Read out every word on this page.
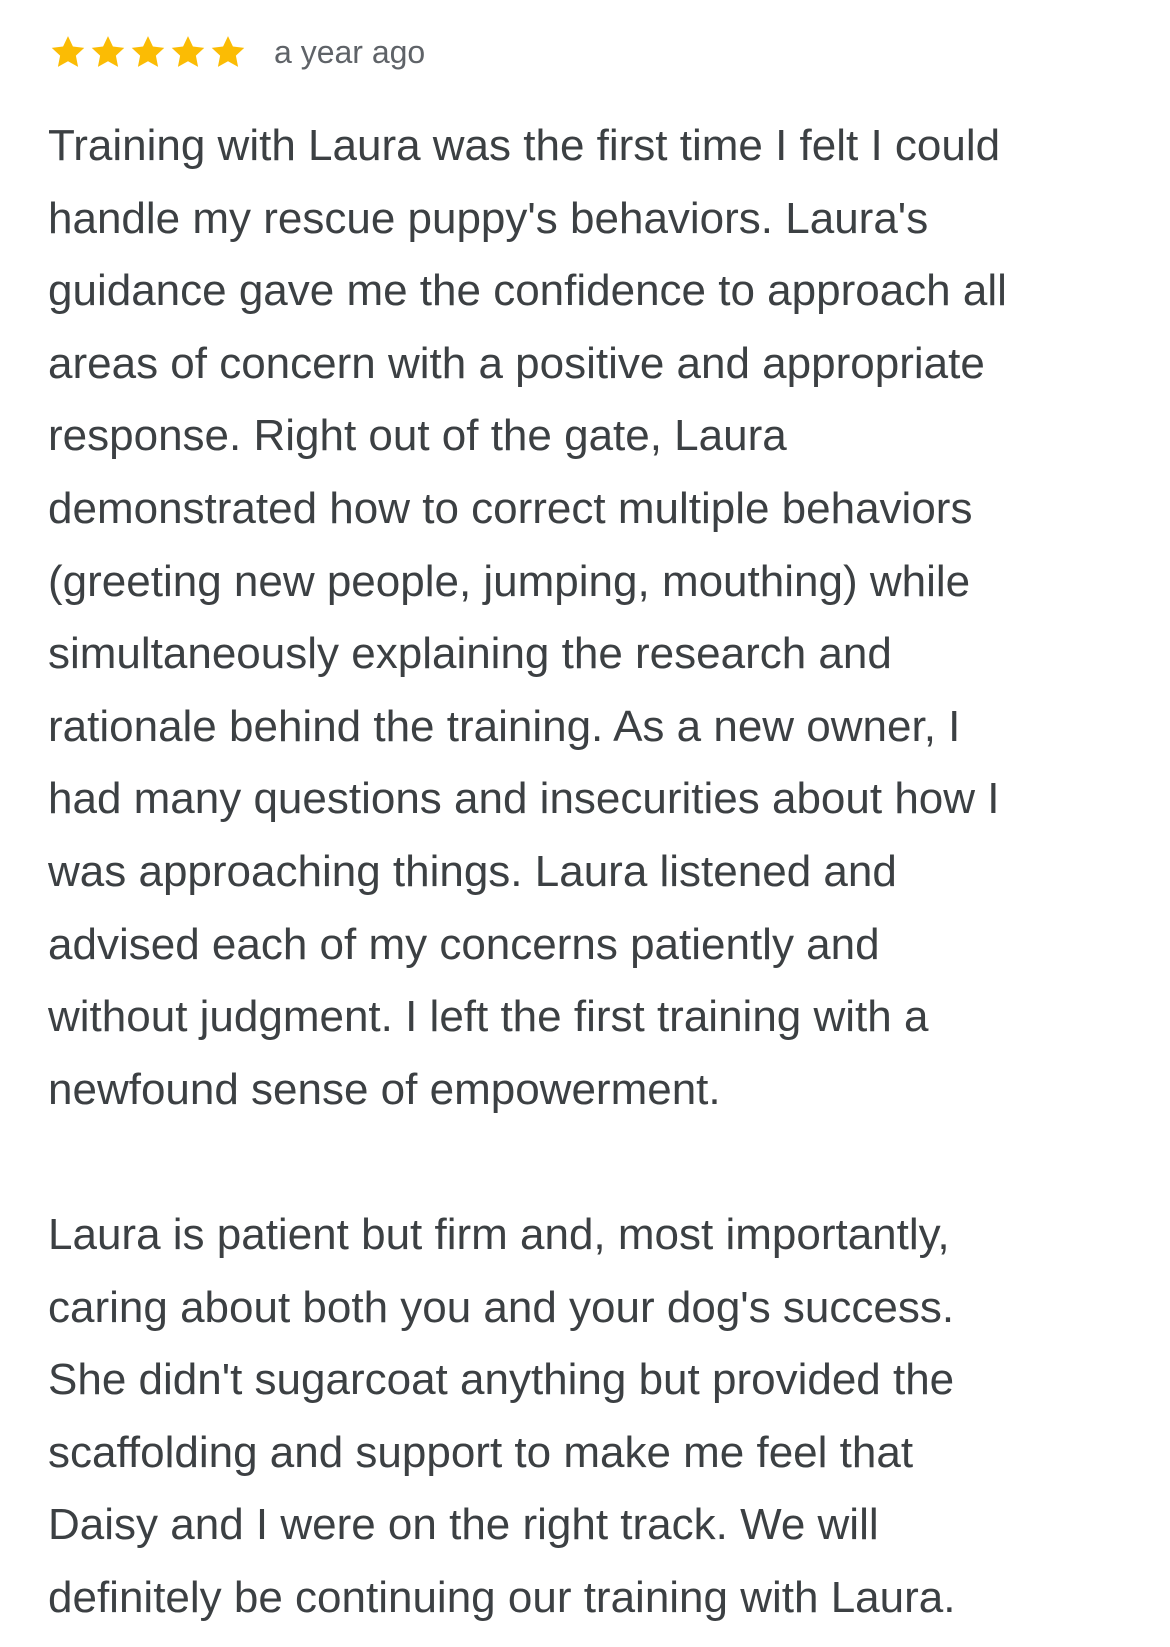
a year ago
Training with Laura was the first time I felt I could
handle my rescue puppy's behaviors. Laura's
guidance gave me the confidence to approach all
areas of concern with a positive and appropriate
response. Right out of the gate, Laura
demonstrated how to correct multiple behaviors
(greeting new people, jumping, mouthing) while
simultaneously explaining the research and
rationale behind the training. As a new owner, I
had many questions and insecurities about how I
was approaching things. Laura listened and
advised each of my concerns patiently and
without judgment. I left the first training with a
newfound sense of empowerment.
Laura is patient but firm and, most importantly,
caring about both you and your dog's success.
She didn't sugarcoat anything but provided the
scaffolding and support to make me feel that
Daisy and I were on the right track. We will
definitely be continuing our training with Laura.
